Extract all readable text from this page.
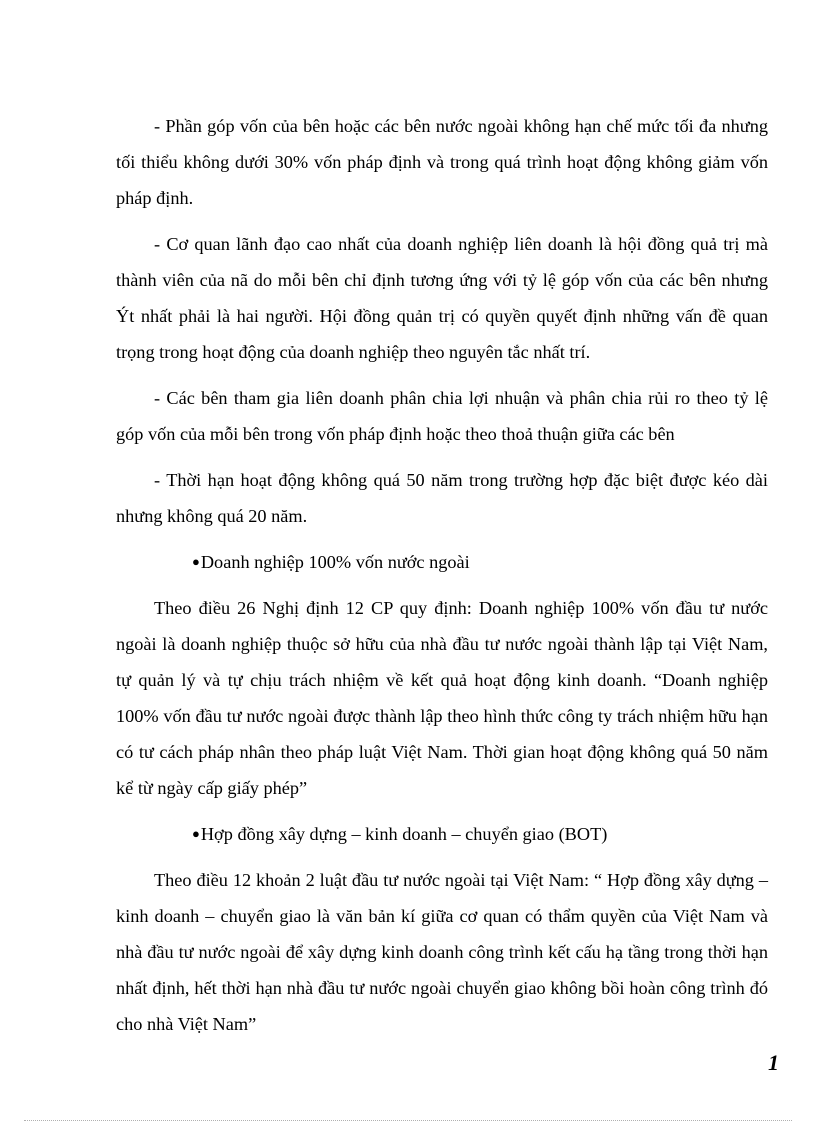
- Phần góp vốn của bên hoặc các bên nước ngoài không hạn chế mức tối đa nhưng tối thiểu không dưới 30% vốn pháp định và trong quá trình hoạt động không giảm vốn pháp định.

- Cơ quan lãnh đạo cao nhất của doanh nghiệp liên doanh là hội đồng quả trị mà thành viên của nã do mỗi bên chỉ định tương ứng với tỷ lệ góp vốn của các bên nhưng Ýt nhất phải là hai người. Hội đồng quản trị có quyền quyết định những vấn đề quan trọng trong hoạt động của doanh nghiệp theo nguyên tắc nhất trí.

- Các bên tham gia liên doanh phân chia lợi nhuận và phân chia rủi ro theo tỷ lệ góp vốn của mỗi bên trong vốn pháp định hoặc theo thoả thuận giữa các bên

- Thời hạn hoạt động không quá 50 năm trong trường hợp đặc biệt được kéo dài nhưng không quá 20 năm.

●Doanh nghiệp 100% vốn nước ngoài

Theo điều 26 Nghị định 12 CP quy định: Doanh nghiệp 100% vốn đầu tư nước ngoài là doanh nghiệp thuộc sở hữu của nhà đầu tư nước ngoài thành lập tại Việt Nam, tự quản lý và tự chịu trách nhiệm về kết quả hoạt động kinh doanh. “Doanh nghiệp 100% vốn đầu tư nước ngoài được thành lập theo hình thức công ty trách nhiệm hữu hạn có tư cách pháp nhân theo pháp luật Việt Nam. Thời gian hoạt động không quá 50 năm kể từ ngày cấp giấy phép”

●Hợp đồng xây dựng – kinh doanh – chuyển giao (BOT)

Theo điều 12 khoản 2 luật đầu tư nước ngoài tại Việt Nam: “ Hợp đồng xây dựng – kinh doanh – chuyển giao là văn bản kí giữa cơ quan có thẩm quyền của Việt Nam và nhà đầu tư nước ngoài để xây dựng kinh doanh công trình kết cấu hạ tầng trong thời hạn nhất định, hết thời hạn nhà đầu tư nước ngoài chuyển giao không bồi hoàn công trình đó cho nhà Việt Nam”

1
